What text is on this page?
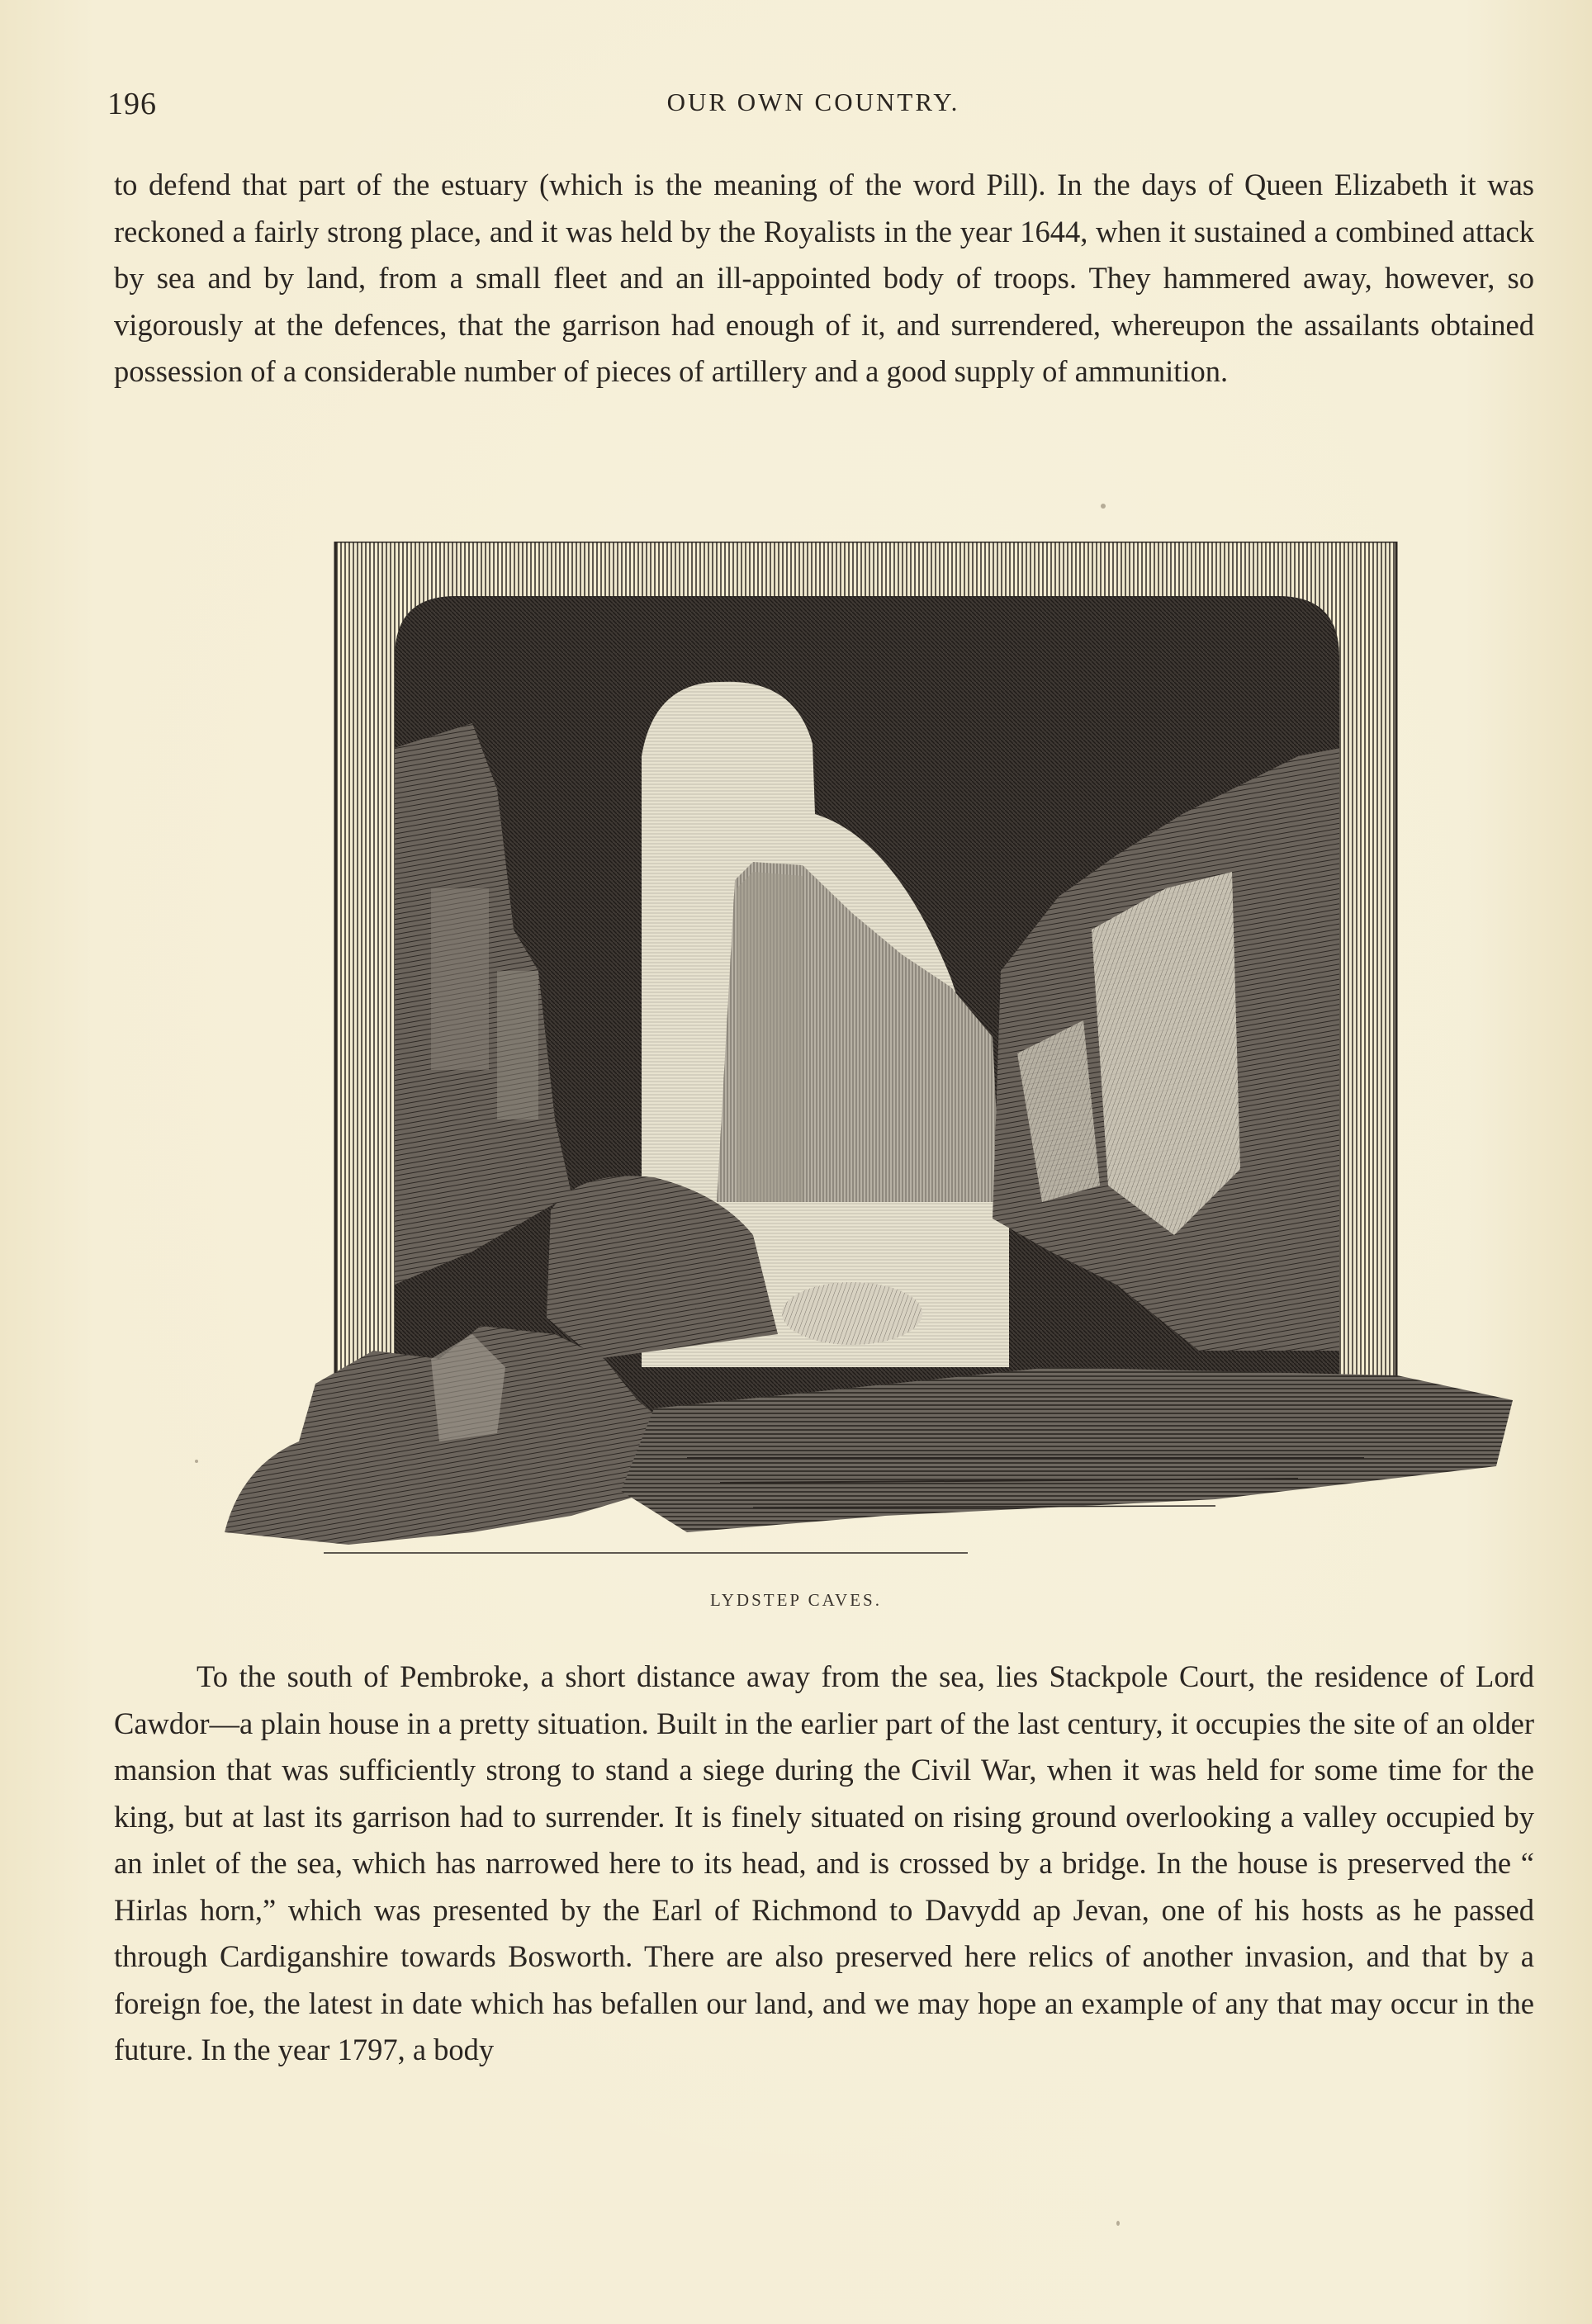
196	OUR OWN COUNTRY.
to defend that part of the estuary (which is the meaning of the word Pill). In the days of Queen Elizabeth it was reckoned a fairly strong place, and it was held by the Royalists in the year 1644, when it sustained a combined attack by sea and by land, from a small fleet and an ill-appointed body of troops. They hammered away, however, so vigorously at the defences, that the garrison had enough of it, and surrendered, whereupon the assailants obtained possession of a considerable number of pieces of artillery and a good supply of ammunition.
LYDSTEP CAVES.
To the south of Pembroke, a short distance away from the sea, lies Stackpole Court, the residence of Lord Cawdor—a plain house in a pretty situation. Built in the earlier part of the last century, it occupies the site of an older mansion that was sufficiently strong to stand a siege during the Civil War, when it was held for some time for the king, but at last its garrison had to surrender. It is finely situated on rising ground overlooking a valley occupied by an inlet of the sea, which has narrowed here to its head, and is crossed by a bridge. In the house is preserved the “ Hirlas horn,” which was presented by the Earl of Richmond to Davydd ap Jevan, one of his hosts as he passed through Cardiganshire towards Bosworth. There are also preserved here relics of another invasion, and that by a foreign foe, the latest in date which has befallen our land, and we may hope an example of any that may occur in the future. In the year 1797, a body
